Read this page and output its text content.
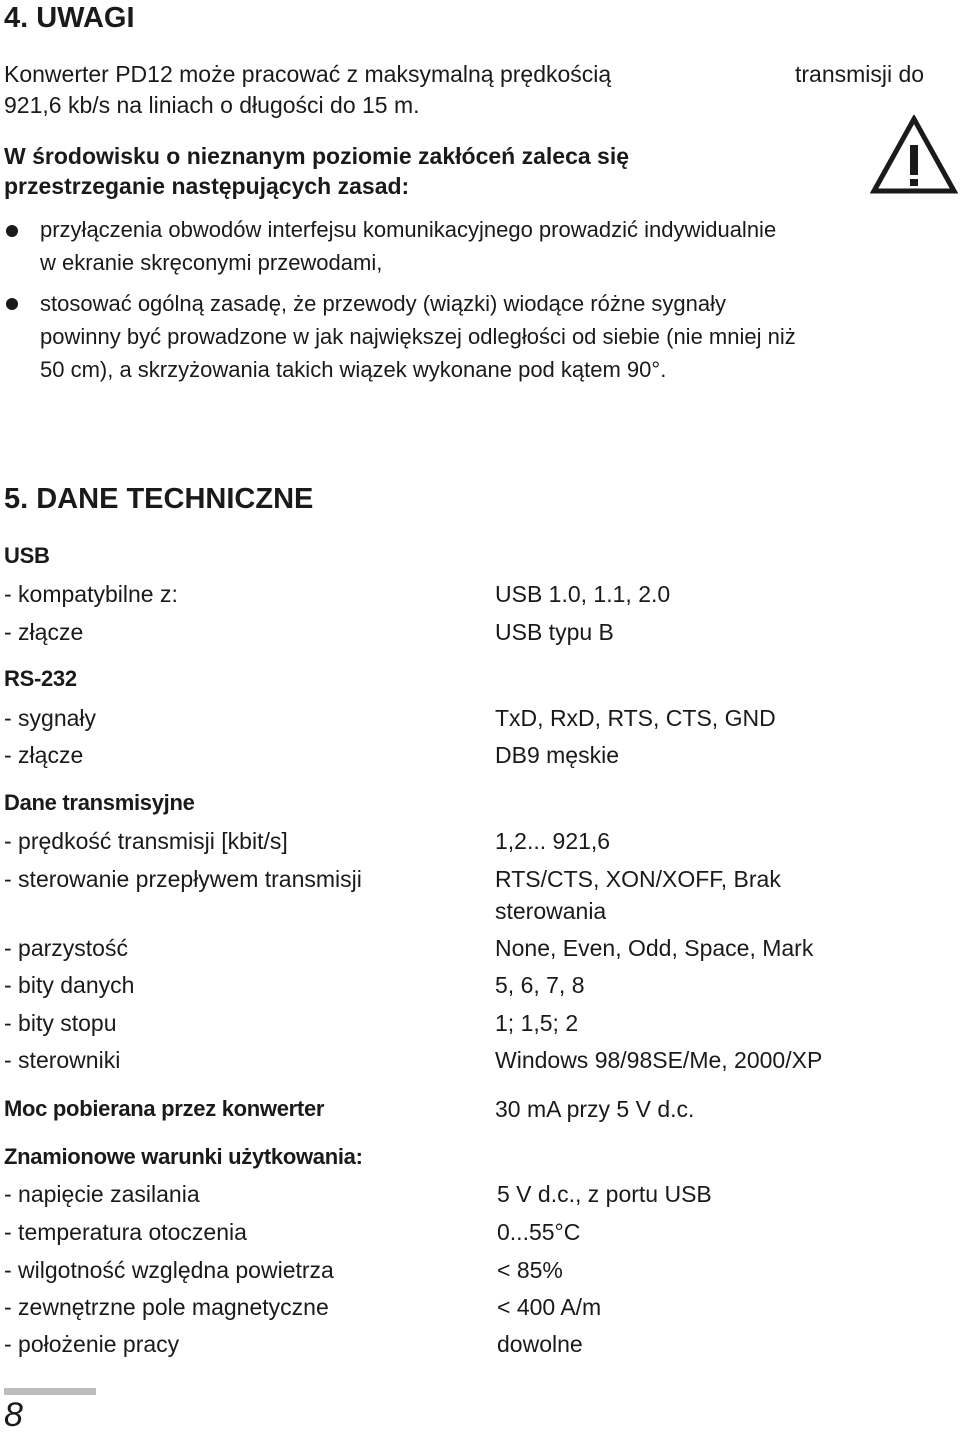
4. UWAGI
Konwerter PD12 może pracować z maksymalną prędkością	transmisji do
921,6 kb/s na liniach o długości do 15 m.
W środowisku o nieznanym poziomie zakłóceń zaleca się
przestrzeganie następujących zasad:
przyłączenia obwodów interfejsu komunikacyjnego prowadzić indywidualnie
w ekranie skręconymi przewodami,
stosować ogólną zasadę, że przewody (wiązki) wiodące różne sygnały
powinny być prowadzone w jak największej odległości od siebie (nie mniej niż
50 cm), a skrzyżowania takich wiązek wykonane pod kątem 90°.
5. DANE TECHNICZNE
USB
- kompatybilne z:	USB 1.0, 1.1, 2.0
- złącze	USB typu B
RS-232
- sygnały	TxD, RxD, RTS, CTS, GND
- złącze	DB9 męskie
Dane transmisyjne
- prędkość transmisji [kbit/s]	1,2... 921,6
- sterowanie przepływem transmisji	RTS/CTS, XON/XOFF, Brak
sterowania
- parzystość	None, Even, Odd, Space, Mark
- bity danych	5, 6, 7, 8
- bity stopu	1; 1,5; 2
- sterowniki	Windows 98/98SE/Me, 2000/XP
Moc pobierana przez konwerter	30 mA przy 5 V d.c.
Znamionowe warunki użytkowania:
- napięcie zasilania	5 V d.c., z portu USB
- temperatura otoczenia	0...55°C
- wilgotność względna powietrza	< 85%
- zewnętrzne pole magnetyczne	< 400 A/m
- położenie pracy	dowolne
8
